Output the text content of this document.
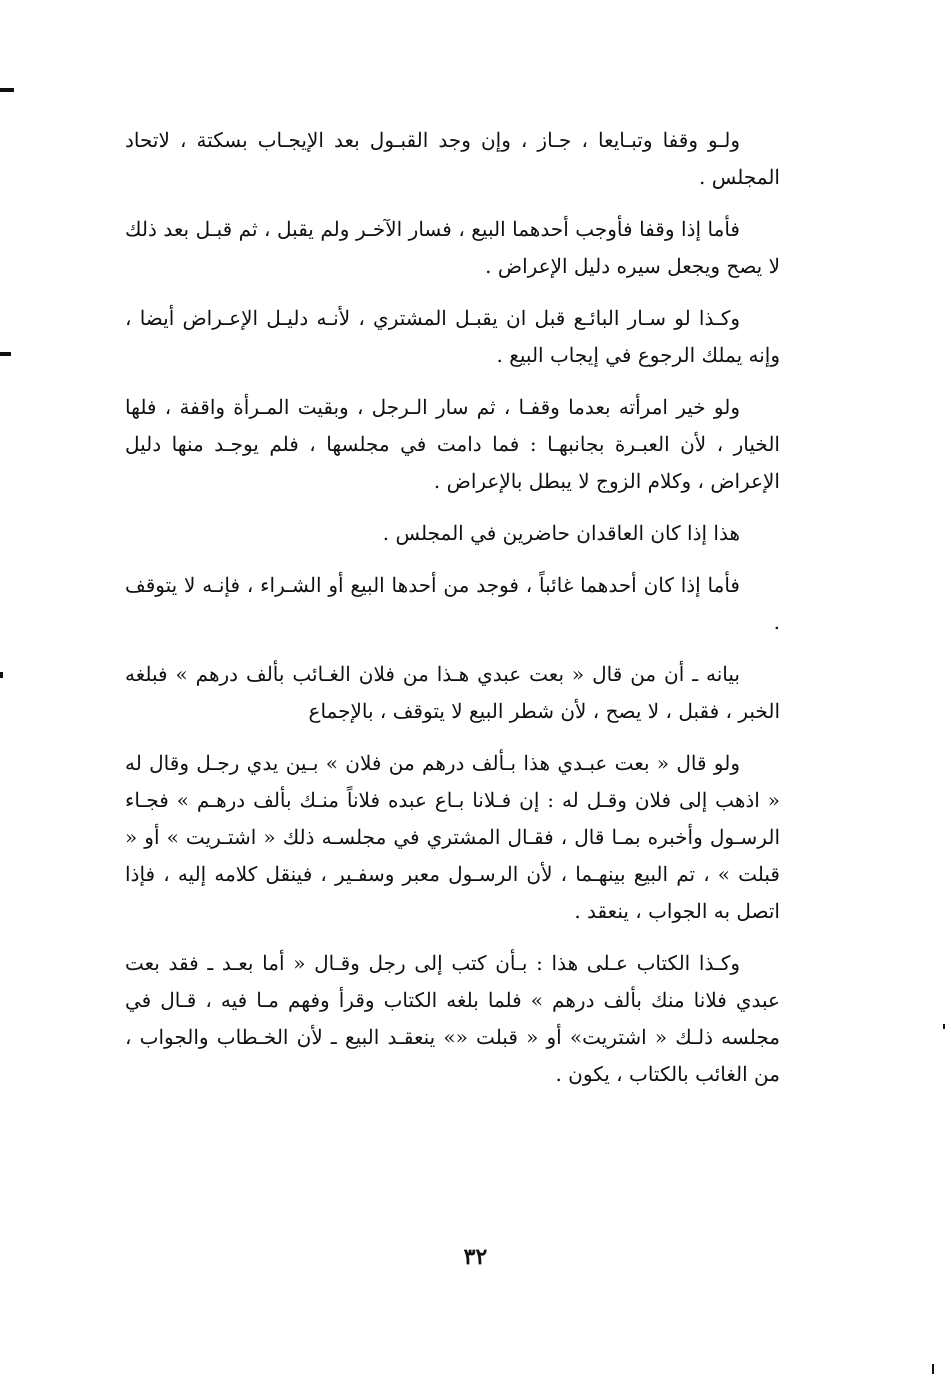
ولـو وقفا وتبـايعا ، جـاز ، وإن وجد القبـول بعد الإيجـاب بسكتة ، لاتحاد المجلس .

فأما إذا وقفا فأوجب أحدهما البيع ، فسار الآخـر ولم يقبل ، ثم قبـل بعد ذلك لا يصح ويجعل سيره دليل الإعراض .

وكـذا لو سـار البائـع قبل ان يقبـل المشتري ، لأنـه دليـل الإعـراض أيضا ، وإنه يملك الرجوع في إيجاب البيع .

ولو خير امرأته بعدما وقفـا ، ثم سار الـرجل ، وبقيت المـرأة واقفة ، فلها الخيار ، لأن العبـرة بجانبهـا : فما دامت في مجلسها ، فلم يوجـد منها دليل الإعراض ، وكلام الزوج لا يبطل بالإعراض .

هذا إذا كان العاقدان حاضرين في المجلس .

فأما إذا كان أحدهما غائباً ، فوجد من أحدها البيع أو الشـراء ، فإنـه لا يتوقف .

بيانه ـ أن من قال « بعت عبدي هـذا من فلان الغـائب بألف درهم » فبلغه الخبر ، فقبل ، لا يصح ، لأن شطر البيع لا يتوقف ، بالإجماع

ولو قال « بعت عبـدي هذا بـألف درهم من فلان » بـين يدي رجـل وقال له « اذهب إلى فلان وقـل له : إن فـلانا بـاع عبده فلاناً منـك بألف درهـم » فجـاء الرسـول وأخبره بمـا قال ، فقـال المشتري في مجلسـه ذلك « اشتـريت » أو « قبلت » ، تم البيع بينهـما ، لأن الرسـول معبر وسفـير ، فينقل كلامه إليه ، فإذا اتصل به الجواب ، ينعقد .

وكـذا الكتاب عـلى هذا : بـأن كتب إلى رجل وقـال « أما بعـد ـ فقد بعت عبدي فلانا منك بألف درهم » فلما بلغه الكتاب وقرأ وفهم مـا فيه ، قـال في مجلسه ذلـك « اشتريت» أو « قبلت «» ينعقـد البيع ـ لأن الخـطاب والجواب ، من الغائب بالكتاب ، يكون .

٣٢
